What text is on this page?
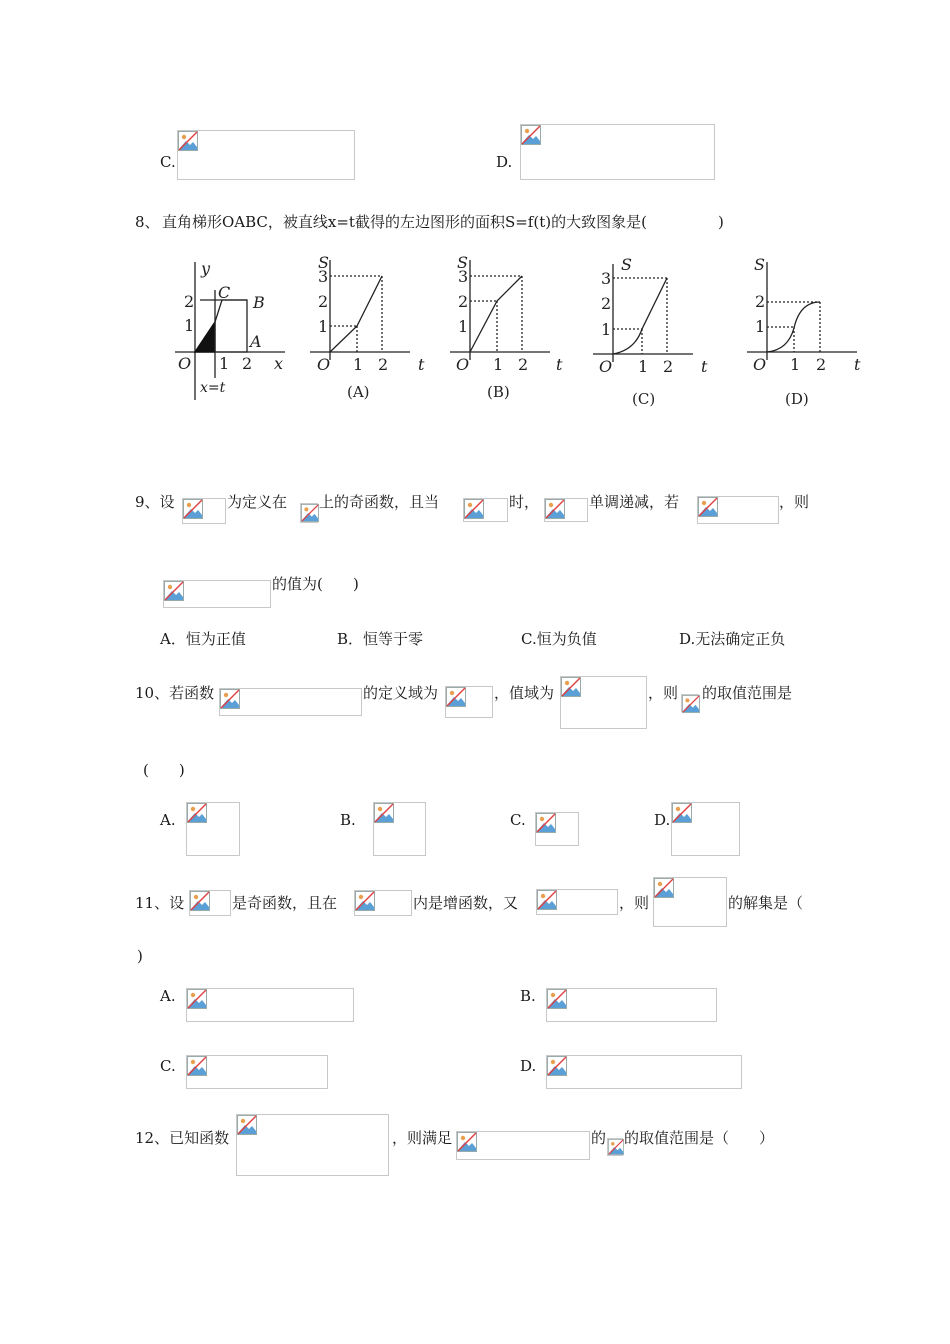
C.	D.
8、 直角梯形OABC，被直线x=t截得的左边图形的面积S=f(t)的大致图象是(	)
y
x
C
B
A
O 1 2
1
2
x=t
S
O	t
1 2
1
2
3
(A)
S
O	t
1 2
1
2
3
(B)
S
O	t
1 2
1
2
3
(C)
S
O	t
1 2
1
2
(D)
9、设	为定义在 上的奇函数，且当	时，	单调递减，若	，则
的值为( )
A．恒为正值	B．恒等于零	C.恒为负值	D.无法确定正负
10、若函数	的定义域为	，值域为	，则 的取值范围是
(　　)
A.	B.	C.	D.
11、设	是奇函数，且在	内是增函数，又	，则	的解集是（
)
A.	B.
C.	D.
12、已知函数	，则满足	的 的取值范围是（　　）
